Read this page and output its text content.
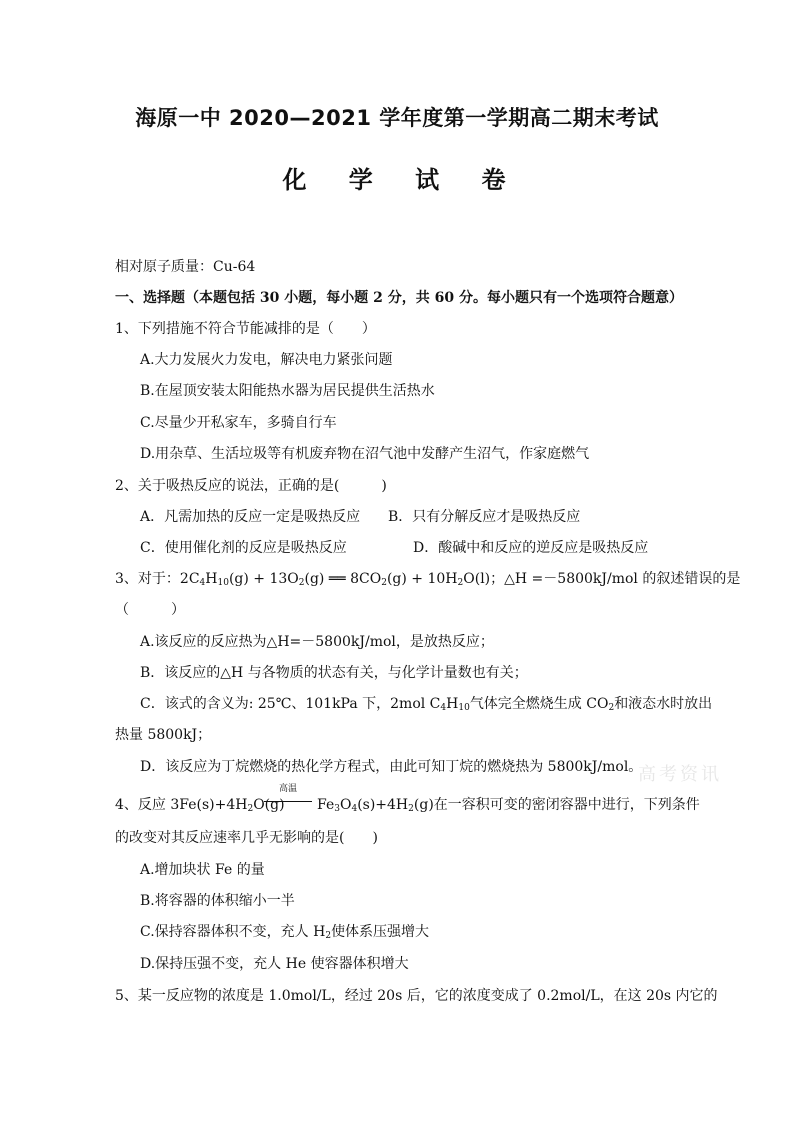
海原一中 2020—2021 学年度第一学期高二期末考试
化 学 试 卷
相对原子质量：Cu-64
一、选择题（本题包括 30 小题，每小题 2 分，共 60 分。每小题只有一个选项符合题意）
1、下列措施不符合节能减排的是（　　）
A.大力发展火力发电，解决电力紧张问题
B.在屋顶安装太阳能热水器为居民提供生活热水
C.尽量少开私家车，多骑自行车
D.用杂草、生活垃圾等有机废弃物在沼气池中发酵产生沼气，作家庭燃气
2、关于吸热反应的说法，正确的是(　　　)
A．凡需加热的反应一定是吸热反应 B．只有分解反应才是吸热反应
C．使用催化剂的反应是吸热反应	D．酸碱中和反应的逆反应是吸热反应
3、对于：$2C_4H_{10}(g) + 13O_2(g)$ ══ $8CO_2(g) + 10H_2O(l)$；△H =－5800kJ/mol 的叙述错误的是
（　　　）
A.该反应的反应热为△H=－5800kJ/mol，是放热反应；
B．该反应的△H 与各物质的状态有关，与化学计量数也有关；
C．该式的含义为: 25℃、101kPa 下，2mol $C_4H_{10}$气体完全燃烧生成 $CO_2$和液态水时放出
热量 5800kJ；
D．该反应为丁烷燃烧的热化学方程式，由此可知丁烷的燃烧热为 5800kJ/mol。
高考资讯
4、反应 $3Fe(s)+4H_2O(g)$
高温
$Fe_3O_4(s)+4H_2(g)$在一容积可变的密闭容器中进行，下列条件
的改变对其反应速率几乎无影响的是(　　)
A.增加块状 Fe 的量
B.将容器的体积缩小一半
C.保持容器体积不变，充人 $H_2$使体系压强增大
D.保持压强不变，充人 He 使容器体积增大
5、某一反应物的浓度是 1.0mol/L，经过 20s 后，它的浓度变成了 0.2mol/L，在这 20s 内它的
